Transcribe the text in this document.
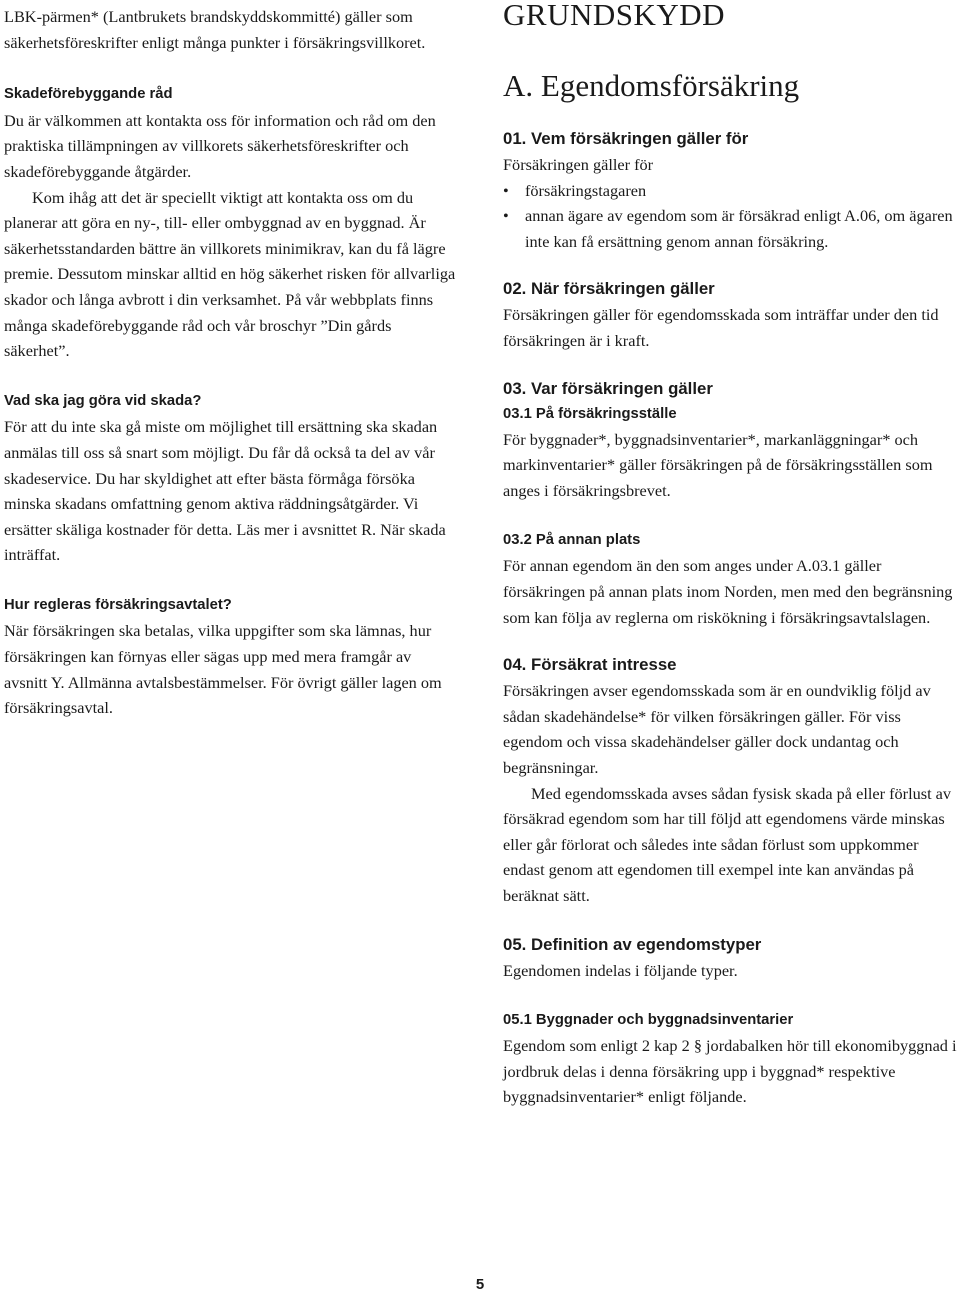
LBK-pärmen* (Lantbrukets brandskyddskommitté) gäller som säkerhetsföreskrifter enligt många punkter i försäkringsvillkoret.

Skadeförebyggande råd

Du är välkommen att kontakta oss för information och råd om den praktiska tillämpningen av villkorets säkerhetsföreskrifter och skadeförebyggande åtgärder.

Kom ihåg att det är speciellt viktigt att kontakta oss om du planerar att göra en ny-, till- eller ombyggnad av en byggnad. Är säkerhetsstandarden bättre än villkorets minimikrav, kan du få lägre premie. Dessutom minskar alltid en hög säkerhet risken för allvarliga skador och långa avbrott i din verksamhet. På vår webbplats finns många skadeförebyggande råd och vår broschyr ”Din gårds säkerhet”.

Vad ska jag göra vid skada?

För att du inte ska gå miste om möjlighet till ersättning ska skadan anmälas till oss så snart som möjligt. Du får då också ta del av vår skadeservice. Du har skyldighet att efter bästa förmåga försöka minska skadans omfattning genom aktiva räddningsåtgärder. Vi ersätter skäliga kostnader för detta. Läs mer i avsnittet R. När skada inträffat.

Hur regleras försäkringsavtalet?

När försäkringen ska betalas, vilka uppgifter som ska lämnas, hur försäkringen kan förnyas eller sägas upp med mera framgår av avsnitt Y. Allmänna avtalsbestämmelser. För övrigt gäller lagen om försäkringsavtal.

GRUNDSKYDD

A. Egendomsförsäkring

01. Vem försäkringen gäller för

Försäkringen gäller för

• försäkringstagaren
• annan ägare av egendom som är försäkrad enligt A.06, om ägaren inte kan få ersättning genom annan försäkring.

02. När försäkringen gäller

Försäkringen gäller för egendomsskada som inträffar under den tid försäkringen är i kraft.

03. Var försäkringen gäller

03.1 På försäkringsställe

För byggnader*, byggnadsinventarier*, markanläggningar* och markinventarier* gäller försäkringen på de försäkringsställen som anges i försäkringsbrevet.

03.2 På annan plats

För annan egendom än den som anges under A.03.1 gäller försäkringen på annan plats inom Norden, men med den begränsning som kan följa av reglerna om riskökning i försäkringsavtalslagen.

04. Försäkrat intresse

Försäkringen avser egendomsskada som är en oundviklig följd av sådan skadehändelse* för vilken försäkringen gäller. För viss egendom och vissa skadehändelser gäller dock undantag och begränsningar.

Med egendomsskada avses sådan fysisk skada på eller förlust av försäkrad egendom som har till följd att egendomens värde minskas eller går förlorat och således inte sådan förlust som uppkommer endast genom att egendomen till exempel inte kan användas på beräknat sätt.

05. Definition av egendomstyper

Egendomen indelas i följande typer.

05.1 Byggnader och byggnadsinventarier

Egendom som enligt 2 kap 2 § jordabalken hör till ekonomibyggnad i jordbruk delas i denna försäkring upp i byggnad* respektive byggnadsinventarier* enligt följande.

5
